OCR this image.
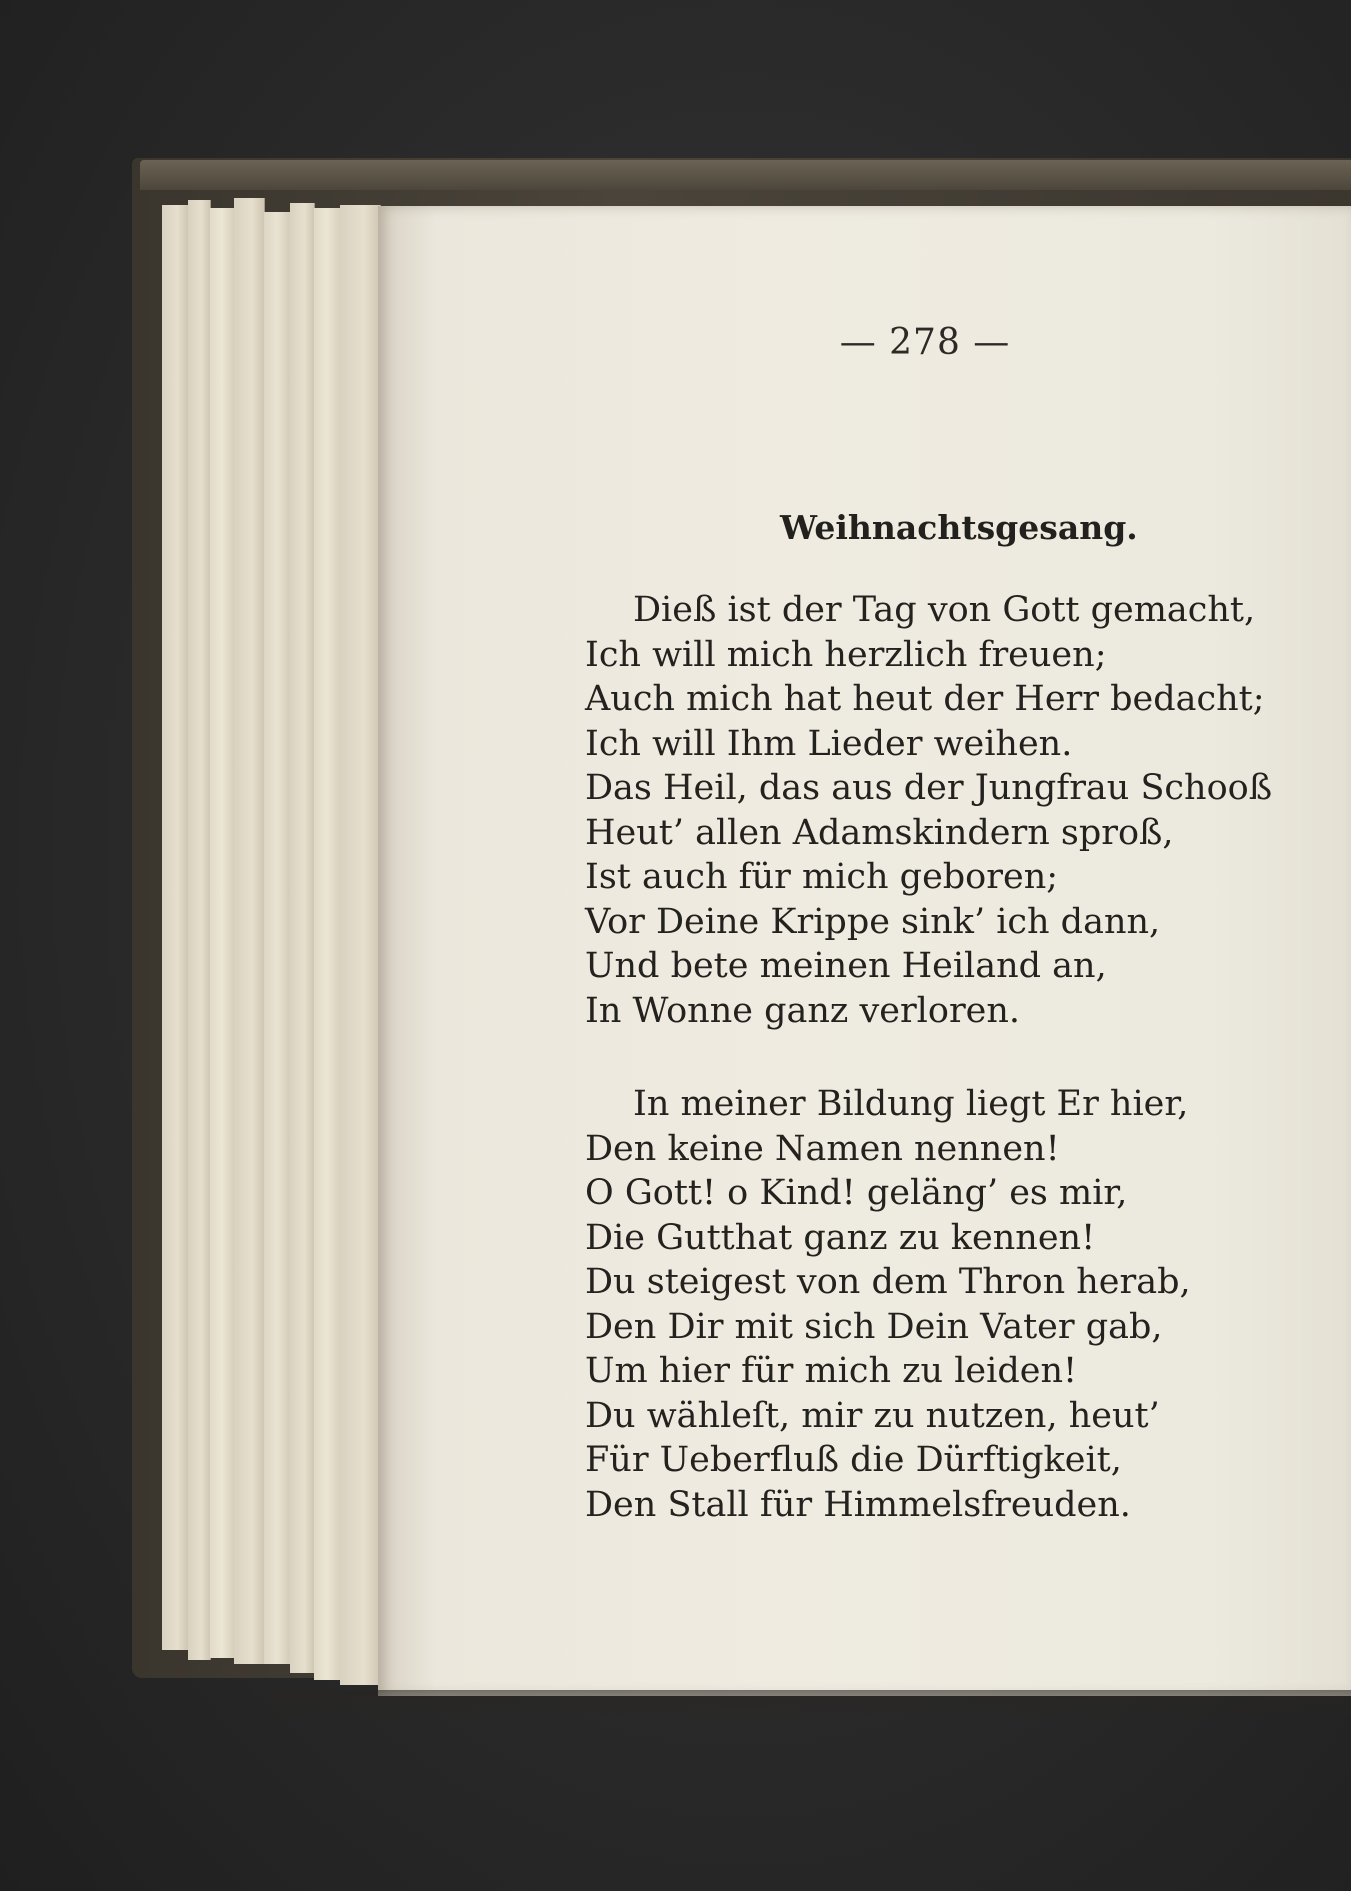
— 278 —
Weihnachtsgesang.
Dieß ist der Tag von Gott gemacht,
Ich will mich herzlich freuen;
Auch mich hat heut der Herr bedacht;
Ich will Ihm Lieder weihen.
Das Heil, das aus der Jungfrau Schooß
Heut’ allen Adamskindern sproß,
Ist auch für mich geboren;
Vor Deine Krippe sink’ ich dann,
Und bete meinen Heiland an,
In Wonne ganz verloren.
In meiner Bildung liegt Er hier,
Den keine Namen nennen!
O Gott! o Kind! geläng’ es mir,
Die Gutthat ganz zu kennen!
Du steigest von dem Thron herab,
Den Dir mit sich Dein Vater gab,
Um hier für mich zu leiden!
Du wähleſt, mir zu nutzen, heut’
Für Ueberfluß die Dürftigkeit,
Den Stall für Himmelsfreuden.
